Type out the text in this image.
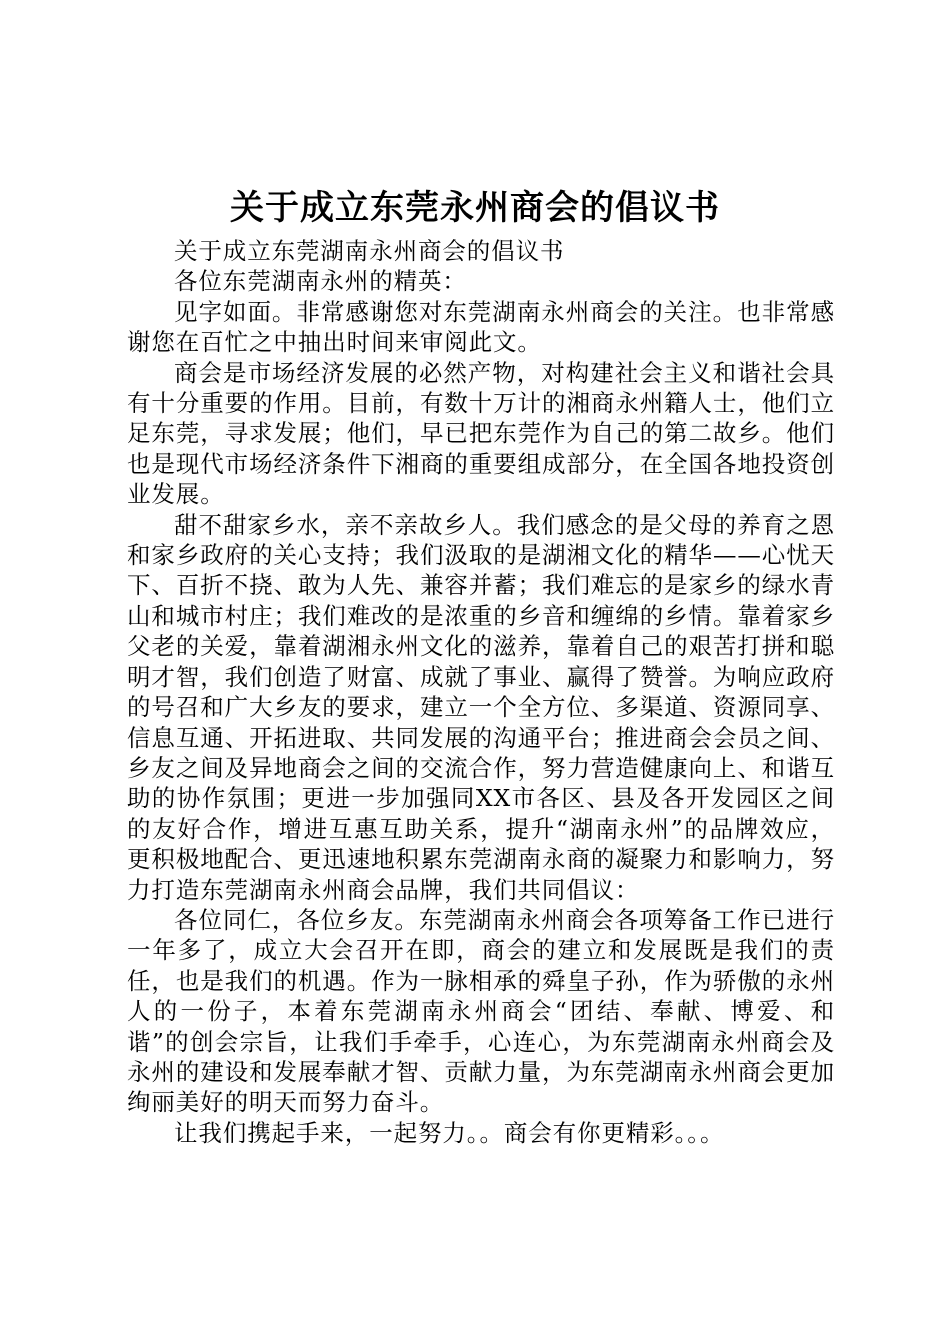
关于成立东莞永州商会的倡议书

关于成立东莞湖南永州商会的倡议书

各位东莞湖南永州的精英：

见字如面。非常感谢您对东莞湖南永州商会的关注。也非常感谢您在百忙之中抽出时间来审阅此文。

商会是市场经济发展的必然产物，对构建社会主义和谐社会具有十分重要的作用。目前，有数十万计的湘商永州籍人士，他们立足东莞，寻求发展；他们，早已把东莞作为自己的第二故乡。他们也是现代市场经济条件下湘商的重要组成部分，在全国各地投资创业发展。

甜不甜家乡水，亲不亲故乡人。我们感念的是父母的养育之恩和家乡政府的关心支持；我们汲取的是湖湘文化的精华——心忧天下、百折不挠、敢为人先、兼容并蓄；我们难忘的是家乡的绿水青山和城市村庄；我们难改的是浓重的乡音和缠绵的乡情。靠着家乡父老的关爱，靠着湖湘永州文化的滋养，靠着自己的艰苦打拼和聪明才智，我们创造了财富、成就了事业、赢得了赞誉。为响应政府的号召和广大乡友的要求，建立一个全方位、多渠道、资源同享、信息互通、开拓进取、共同发展的沟通平台；推进商会会员之间、乡友之间及异地商会之间的交流合作，努力营造健康向上、和谐互助的协作氛围；更进一步加强同XX市各区、县及各开发园区之间的友好合作，增进互惠互助关系，提升“湖南永州”的品牌效应，更积极地配合、更迅速地积累东莞湖南永商的凝聚力和影响力，努力打造东莞湖南永州商会品牌，我们共同倡议：

各位同仁，各位乡友。东莞湖南永州商会各项筹备工作已进行一年多了，成立大会召开在即，商会的建立和发展既是我们的责任，也是我们的机遇。作为一脉相承的舜皇子孙，作为骄傲的永州人的一份子，本着东莞湖南永州商会“团结、奉献、博爱、和谐”的创会宗旨，让我们手牵手，心连心，为东莞湖南永州商会及永州的建设和发展奉献才智、贡献力量，为东莞湖南永州商会更加绚丽美好的明天而努力奋斗。

让我们携起手来，一起努力。。商会有你更精彩。。。
